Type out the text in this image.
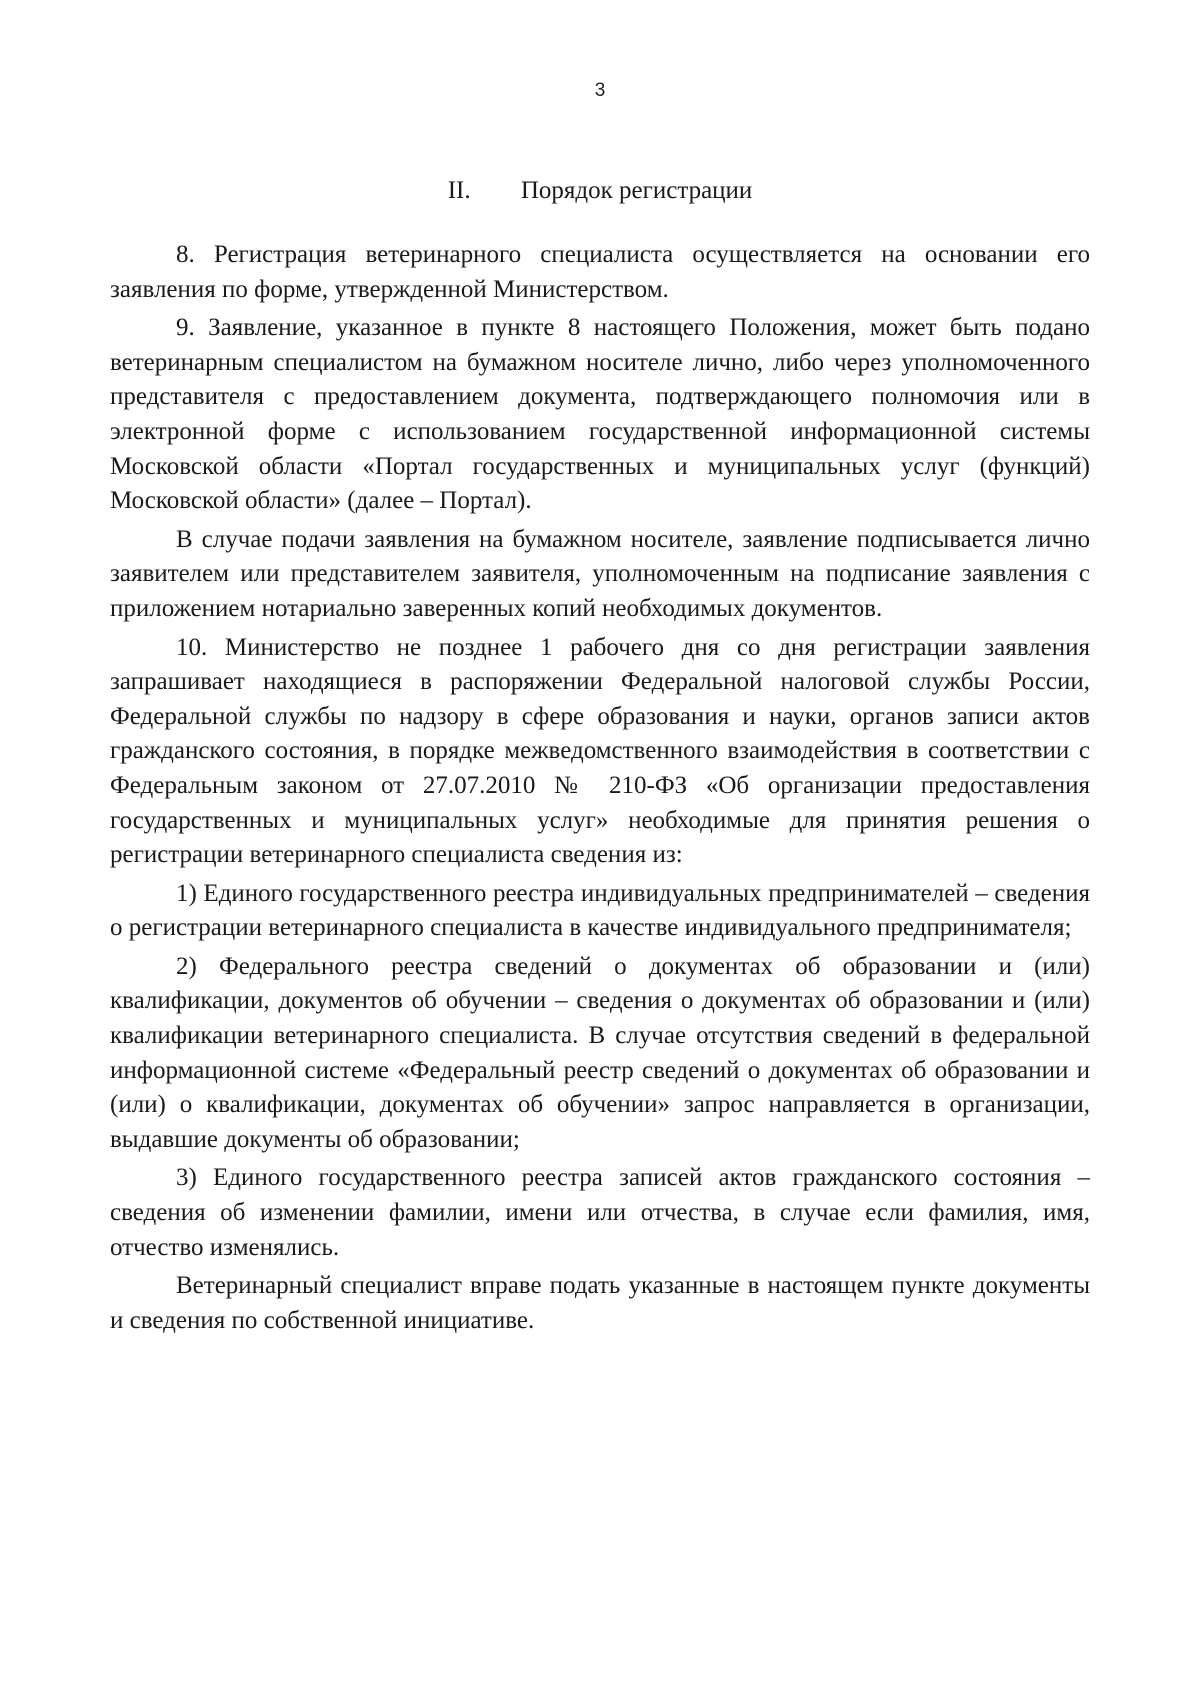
3
II. Порядок регистрации

8. Регистрация ветеринарного специалиста осуществляется на основании его заявления по форме, утвержденной Министерством.

9. Заявление, указанное в пункте 8 настоящего Положения, может быть подано ветеринарным специалистом на бумажном носителе лично, либо через уполномоченного представителя с предоставлением документа, подтверждающего полномочия или в электронной форме с использованием государственной информационной системы Московской области «Портал государственных и муниципальных услуг (функций) Московской области» (далее – Портал).

В случае подачи заявления на бумажном носителе, заявление подписывается лично заявителем или представителем заявителя, уполномоченным на подписание заявления с приложением нотариально заверенных копий необходимых документов.

10. Министерство не позднее 1 рабочего дня со дня регистрации заявления запрашивает находящиеся в распоряжении Федеральной налоговой службы России, Федеральной службы по надзору в сфере образования и науки, органов записи актов гражданского состояния, в порядке межведомственного взаимодействия в соответствии с Федеральным законом от 27.07.2010 № 210-ФЗ «Об организации предоставления государственных и муниципальных услуг» необходимые для принятия решения о регистрации ветеринарного специалиста сведения из:

1) Единого государственного реестра индивидуальных предпринимателей – сведения о регистрации ветеринарного специалиста в качестве индивидуального предпринимателя;

2) Федерального реестра сведений о документах об образовании и (или) квалификации, документов об обучении – сведения о документах об образовании и (или) квалификации ветеринарного специалиста. В случае отсутствия сведений в федеральной информационной системе «Федеральный реестр сведений о документах об образовании и (или) о квалификации, документах об обучении» запрос направляется в организации, выдавшие документы об образовании;

3) Единого государственного реестра записей актов гражданского состояния – сведения об изменении фамилии, имени или отчества, в случае если фамилия, имя, отчество изменялись.

Ветеринарный специалист вправе подать указанные в настоящем пункте документы и сведения по собственной инициативе.
